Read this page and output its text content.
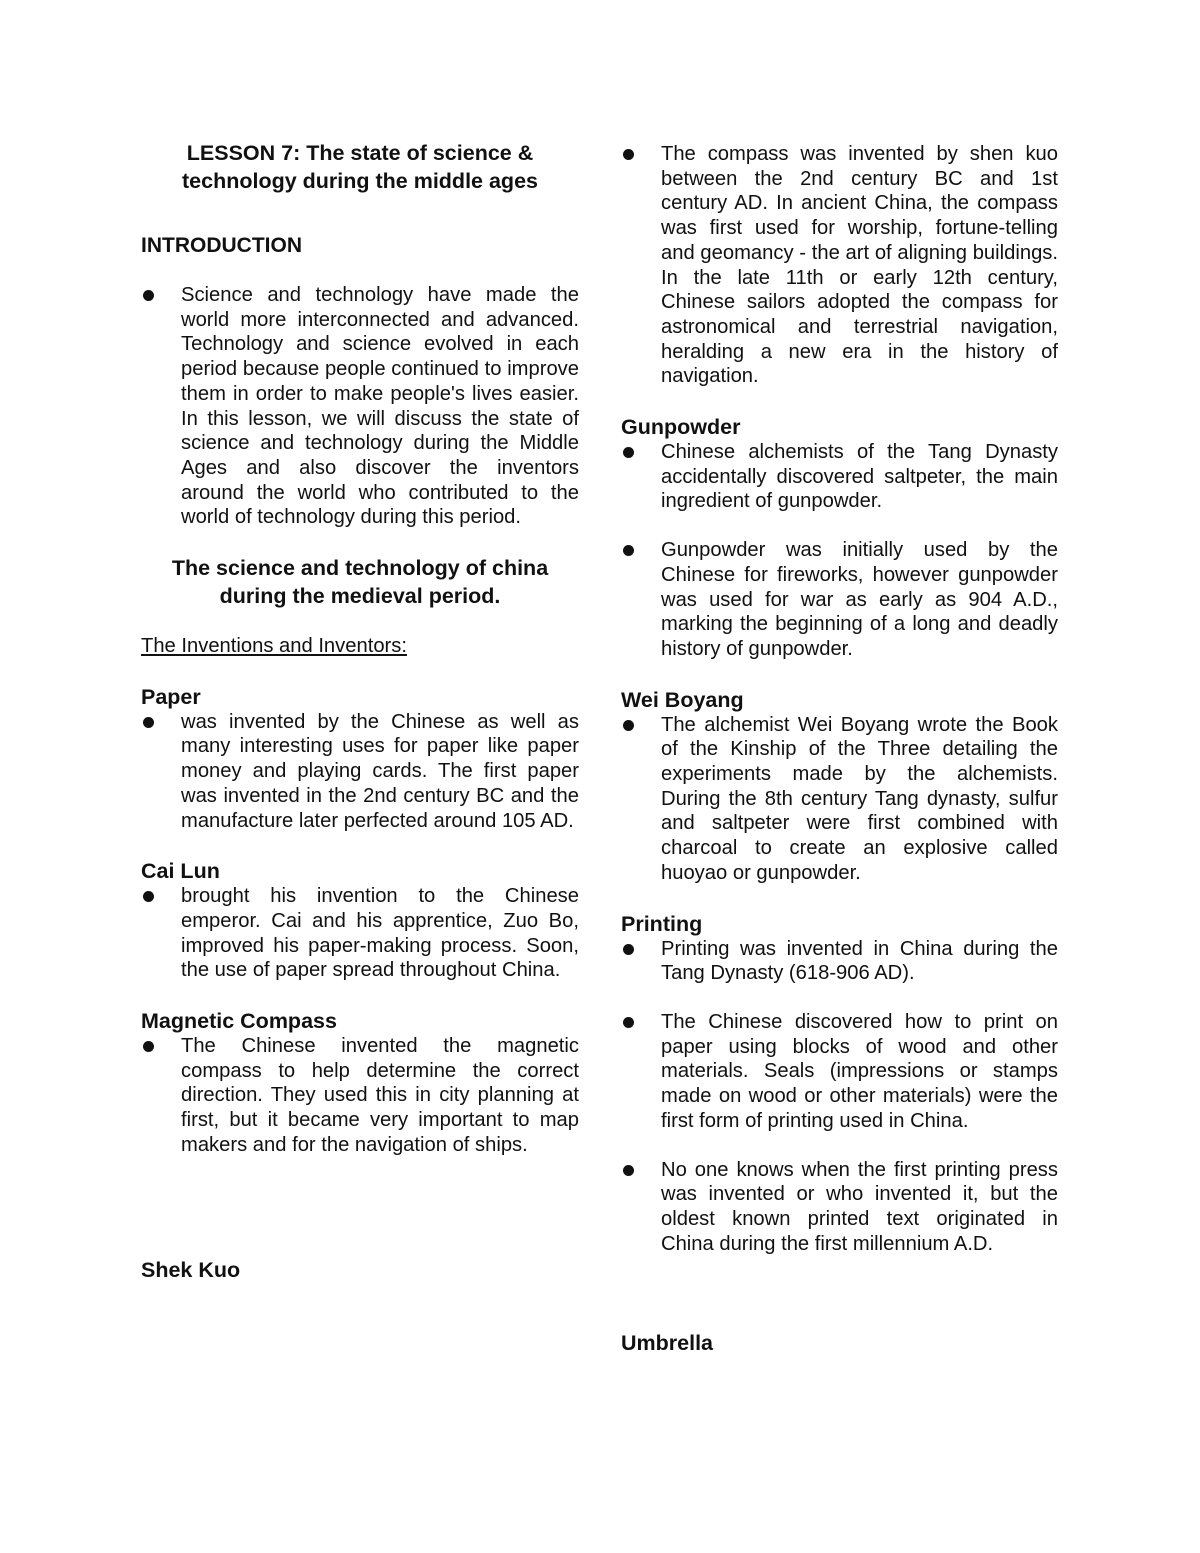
LESSON 7: The state of science &

technology during the middle ages

INTRODUCTION

Science and technology have made the world more interconnected and advanced. Technology and science evolved in each period because people continued to improve them in order to make people's lives easier. In this lesson, we will discuss the state of science and technology during the Middle Ages and also discover the inventors around the world who contributed to the world of technology during this period.

The science and technology of china

during the medieval period.

The Inventions and Inventors:

Paper

was invented by the Chinese as well as many interesting uses for paper like paper money and playing cards. The first paper was invented in the 2nd century BC and the manufacture later perfected around 105 AD.

Cai Lun

brought his invention to the Chinese emperor. Cai and his apprentice, Zuo Bo, improved his paper-making process. Soon, the use of paper spread throughout China.

Magnetic Compass

The Chinese invented the magnetic compass to help determine the correct direction. They used this in city planning at first, but it became very important to map makers and for the navigation of ships.

Shek Kuo

The compass was invented by shen kuo between the 2nd century BC and 1st century AD. In ancient China, the compass was first used for worship, fortune-telling and geomancy - the art of aligning buildings. In the late 11th or early 12th century, Chinese sailors adopted the compass for astronomical and terrestrial navigation, heralding a new era in the history of navigation.

Gunpowder

Chinese alchemists of the Tang Dynasty accidentally discovered saltpeter, the main ingredient of gunpowder.
Gunpowder was initially used by the Chinese for fireworks, however gunpowder was used for war as early as 904 A.D., marking the beginning of a long and deadly history of gunpowder.

Wei Boyang

The alchemist Wei Boyang wrote the Book of the Kinship of the Three detailing the experiments made by the alchemists. During the 8th century Tang dynasty, sulfur and saltpeter were first combined with charcoal to create an explosive called huoyao or gunpowder.

Printing

Printing was invented in China during the Tang Dynasty (618-906 AD).
The Chinese discovered how to print on paper using blocks of wood and other materials. Seals (impressions or stamps made on wood or other materials) were the first form of printing used in China.
No one knows when the first printing press was invented or who invented it, but the oldest known printed text originated in China during the first millennium A.D.

Umbrella
